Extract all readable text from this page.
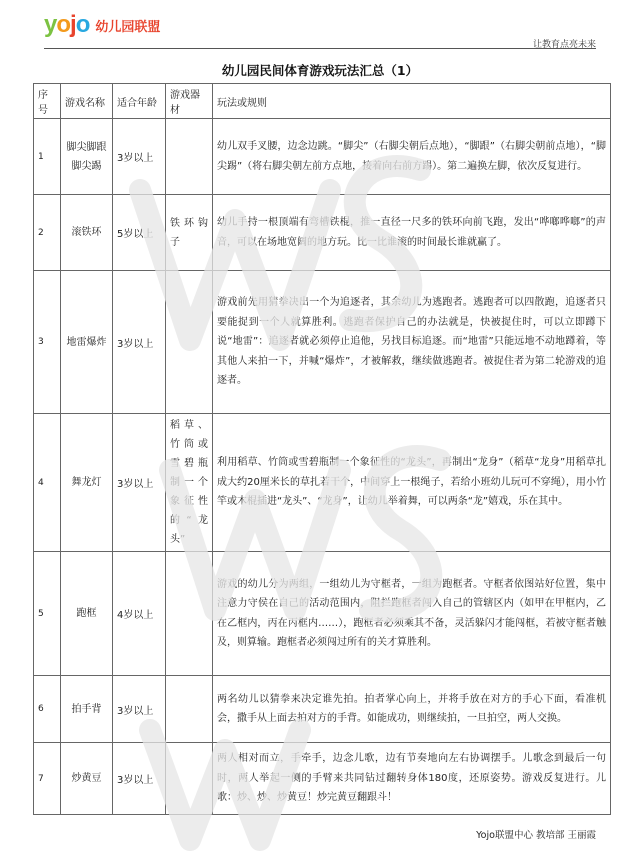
y o j o 幼儿园联盟
让教育点亮未来
幼儿园民间体育游戏玩法汇总（1）
序号	游戏名称	适合年龄	游戏器材	玩法或规则
1	脚尖脚跟脚尖踢	3岁以上		幼儿双手叉腰，边念边跳。“脚尖”（右脚尖朝后点地），“脚跟”（右脚尖朝前点地），“脚尖踢”（将右脚尖朝左前方点地，接着向右前方踢）。第二遍换左脚，依次反复进行。
2	滚铁环	5岁以上	铁环钩子	幼儿手持一根顶端有弯槽铁棍，推一直径一尺多的铁环向前飞跑，发出“哗啷哗啷”的声音，可以在场地宽阔的地方玩。比一比谁滚的时间最长谁就赢了。
3	地雷爆炸	3岁以上		游戏前先用猜拳决出一个为追逐者，其余幼儿为逃跑者。逃跑者可以四散跑，追逐者只要能捉到一个人就算胜利。逃跑者保护自己的办法就是，快被捉住时，可以立即蹲下说“地雷”：追逐者就必须停止追他，另找目标追逐。而“地雷”只能远地不动地蹲着，等其他人来拍一下，并喊“爆炸”，才被解救，继续做逃跑者。被捉住者为第二轮游戏的追逐者。
4	舞龙灯	3岁以上	稻草、竹筒或雪碧瓶制一个象征性的“龙头”	利用稻草、竹筒或雪碧瓶制一个象征性的“龙头”，再制出“龙身”（稻草“龙身”用稻草扎成大约20厘米长的草扎若干个，中间穿上一根绳子，若给小班幼儿玩可不穿绳），用小竹竿或木棍插进“龙头”、“龙身”，让幼儿举着舞，可以两条“龙”嬉戏，乐在其中。
5	跑框	4岁以上		游戏的幼儿分为两组，一组幼儿为守框者，一组为跑框者。守框者依图站好位置，集中注意力守侯在自己的活动范围内，阻拦跑框者闯入自己的管辖区内（如甲在甲框内，乙在乙框内，丙在丙框内……），跑框者必须乘其不备，灵活躲闪才能闯框，若被守框者触及，则算输。跑框者必须闯过所有的关才算胜利。
6	拍手背	3岁以上		两名幼儿以猜拳来决定谁先拍。拍者掌心向上，并将手放在对方的手心下面，看准机会，撒手从上面去拍对方的手背。如能成功，则继续拍，一旦拍空，两人交换。
7	炒黄豆	3岁以上		两人相对而立，手牵手，边念儿歌，边有节奏地向左右协调摆手。儿歌念到最后一句时，两人举起一侧的手臂来共同钻过翻转身体180度，还原姿势。游戏反复进行。儿歌：炒、炒、炒黄豆！炒完黄豆翻跟斗！
Yojo联盟中心 教培部 王丽霞
